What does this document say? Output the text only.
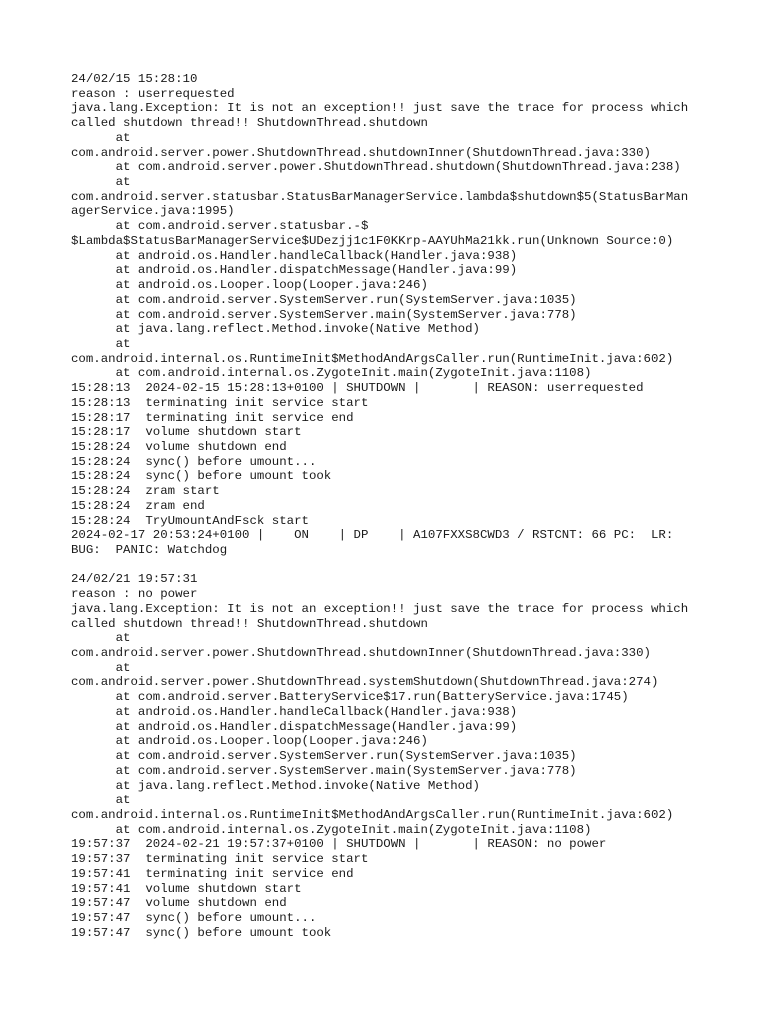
24/02/15 15:28:10
reason : userrequested
java.lang.Exception: It is not an exception!! just save the trace for process which
called shutdown thread!! ShutdownThread.shutdown
at
com.android.server.power.ShutdownThread.shutdownInner(ShutdownThread.java:330)
at com.android.server.power.ShutdownThread.shutdown(ShutdownThread.java:238)
at
com.android.server.statusbar.StatusBarManagerService.lambda$shutdown$5(StatusBarMan
agerService.java:1995)
at com.android.server.statusbar.-$
$Lambda$StatusBarManagerService$UDezjj1c1F0KKrp-AAYUhMa21kk.run(Unknown Source:0)
at android.os.Handler.handleCallback(Handler.java:938)
at android.os.Handler.dispatchMessage(Handler.java:99)
at android.os.Looper.loop(Looper.java:246)
at com.android.server.SystemServer.run(SystemServer.java:1035)
at com.android.server.SystemServer.main(SystemServer.java:778)
at java.lang.reflect.Method.invoke(Native Method)
at
com.android.internal.os.RuntimeInit$MethodAndArgsCaller.run(RuntimeInit.java:602)
at com.android.internal.os.ZygoteInit.main(ZygoteInit.java:1108)
15:28:13  2024-02-15 15:28:13+0100 | SHUTDOWN |       | REASON: userrequested
15:28:13  terminating init service start
15:28:17  terminating init service end
15:28:17  volume shutdown start
15:28:24  volume shutdown end
15:28:24  sync() before umount...
15:28:24  sync() before umount took
15:28:24  zram start
15:28:24  zram end
15:28:24  TryUmountAndFsck start
2024-02-17 20:53:24+0100 |    ON    | DP    | A107FXXS8CWD3 / RSTCNT: 66 PC:  LR:
BUG:  PANIC: Watchdog
24/02/21 19:57:31
reason : no power
java.lang.Exception: It is not an exception!! just save the trace for process which
called shutdown thread!! ShutdownThread.shutdown
at
com.android.server.power.ShutdownThread.shutdownInner(ShutdownThread.java:330)
at
com.android.server.power.ShutdownThread.systemShutdown(ShutdownThread.java:274)
at com.android.server.BatteryService$17.run(BatteryService.java:1745)
at android.os.Handler.handleCallback(Handler.java:938)
at android.os.Handler.dispatchMessage(Handler.java:99)
at android.os.Looper.loop(Looper.java:246)
at com.android.server.SystemServer.run(SystemServer.java:1035)
at com.android.server.SystemServer.main(SystemServer.java:778)
at java.lang.reflect.Method.invoke(Native Method)
at
com.android.internal.os.RuntimeInit$MethodAndArgsCaller.run(RuntimeInit.java:602)
at com.android.internal.os.ZygoteInit.main(ZygoteInit.java:1108)
19:57:37  2024-02-21 19:57:37+0100 | SHUTDOWN |       | REASON: no power
19:57:37  terminating init service start
19:57:41  terminating init service end
19:57:41  volume shutdown start
19:57:47  volume shutdown end
19:57:47  sync() before umount...
19:57:47  sync() before umount took
